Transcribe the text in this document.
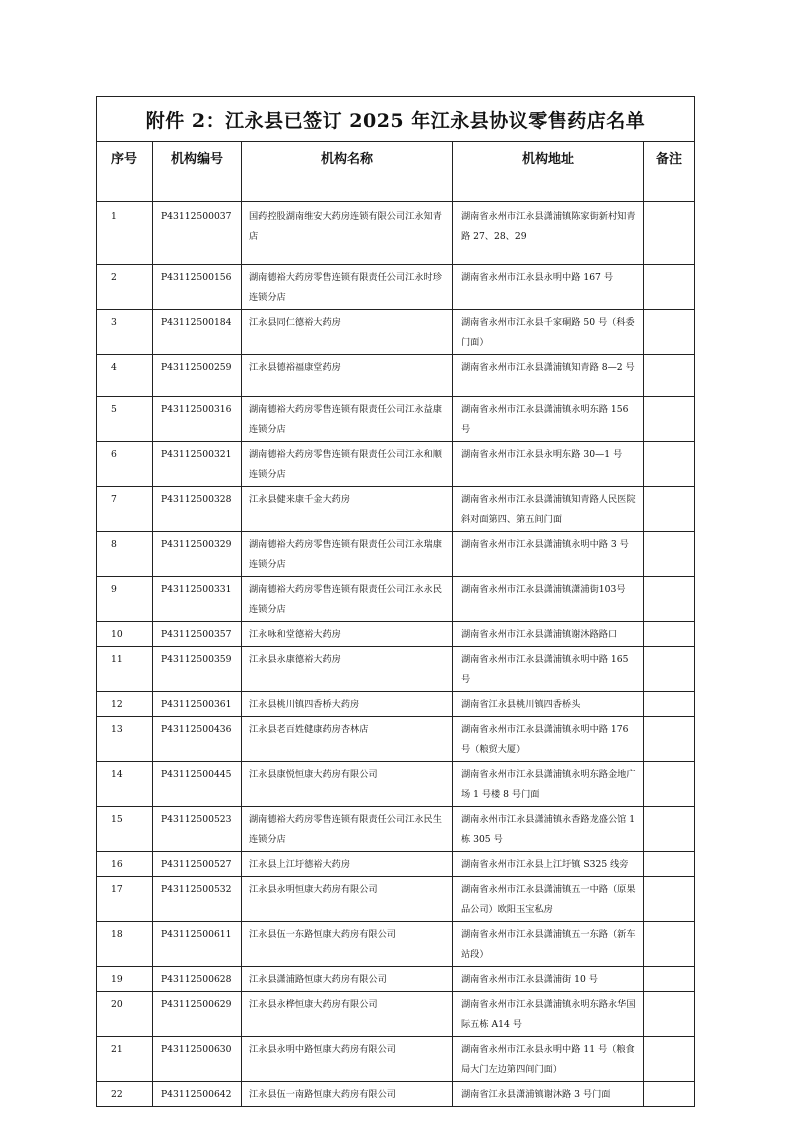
附件 2：江永县已签订 2025 年江永县协议零售药店名单				
序号	机构编号	机构名称	机构地址	备注
1	P43112500037	国药控股湖南维安大药房连锁有限公司江永知青店	湖南省永州市江永县潇浦镇陈家街新村知青路 27、28、29	
2	P43112500156	湖南德裕大药房零售连锁有限责任公司江永时珍连锁分店	湖南省永州市江永县永明中路 167 号	
3	P43112500184	江永县同仁德裕大药房	湖南省永州市江永县千家硐路 50 号（科委门面）	
4	P43112500259	江永县德裕福康堂药房	湖南省永州市江永县潇浦镇知青路 8—2 号	
5	P43112500316	湖南德裕大药房零售连锁有限责任公司江永益康连锁分店	湖南省永州市江永县潇浦镇永明东路 156 号	
6	P43112500321	湖南德裕大药房零售连锁有限责任公司江永和顺连锁分店	湖南省永州市江永县永明东路 30—1 号	
7	P43112500328	江永县健来康千金大药房	湖南省永州市江永县潇浦镇知青路人民医院斜对面第四、第五间门面	
8	P43112500329	湖南德裕大药房零售连锁有限责任公司江永瑞康连锁分店	湖南省永州市江永县潇浦镇永明中路 3 号	
9	P43112500331	湖南德裕大药房零售连锁有限责任公司江永永民连锁分店	湖南省永州市江永县潇浦镇潇浦街103号	
10	P43112500357	江永咏和堂德裕大药房	湖南省永州市江永县潇浦镇谢沐路路口	
11	P43112500359	江永县永康德裕大药房	湖南省永州市江永县潇浦镇永明中路 165 号	
12	P43112500361	江永县桃川镇四香桥大药房	湖南省江永县桃川镇四香桥头	
13	P43112500436	江永县老百姓健康药房杏林店	湖南省永州市江永县潇浦镇永明中路 176 号（粮贸大厦）	
14	P43112500445	江永县康悦恒康大药房有限公司	湖南省永州市江永县潇浦镇永明东路金地广场 1 号楼 8 号门面	
15	P43112500523	湖南德裕大药房零售连锁有限责任公司江永民生连锁分店	湖南永州市江永县潇浦镇永香路龙盛公馆 1 栋 305 号	
16	P43112500527	江永县上江圩德裕大药房	湖南省永州市江永县上江圩镇 S325 线旁	
17	P43112500532	江永县永明恒康大药房有限公司	湖南省永州市江永县潇浦镇五一中路（原果品公司）欧阳玉宝私房	
18	P43112500611	江永县伍一东路恒康大药房有限公司	湖南省永州市江永县潇浦镇五一东路（新车站段）	
19	P43112500628	江永县潇浦路恒康大药房有限公司	湖南省永州市江永县潇浦街 10 号	
20	P43112500629	江永县永桦恒康大药房有限公司	湖南省永州市江永县潇浦镇永明东路永华国际五栋 A14 号	
21	P43112500630	江永县永明中路恒康大药房有限公司	湖南省永州市江永县永明中路 11 号（粮食局大门左边第四间门面）	
22	P43112500642	江永县伍一南路恒康大药房有限公司	湖南省江永县潇浦镇谢沐路 3 号门面	
